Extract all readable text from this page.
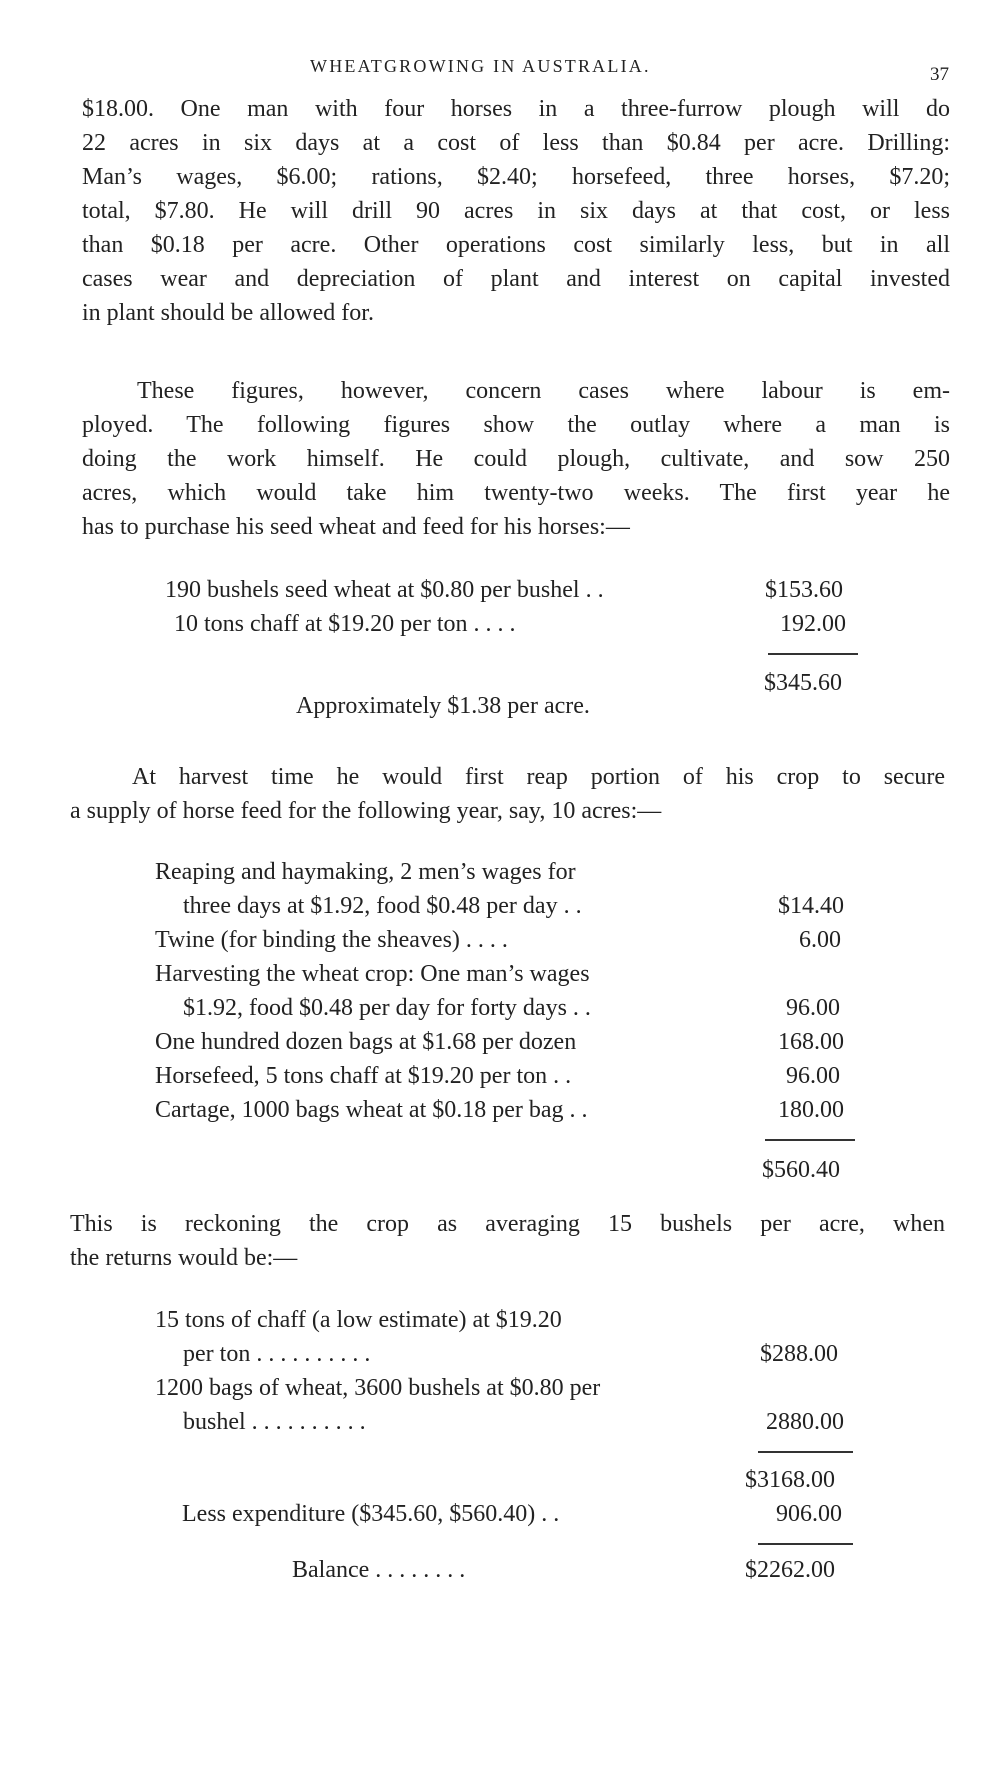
WHEATGROWING IN AUSTRALIA.	37
$18.00. One man with four horses in a three-furrow plough will do
22 acres in six days at a cost of less than $0.84 per acre. Drilling:
Man’s wages, $6.00; rations, $2.40; horsefeed, three horses, $7.20;
total, $7.80. He will drill 90 acres in six days at that cost, or less
than $0.18 per acre. Other operations cost similarly less, but in all
cases wear and depreciation of plant and interest on capital invested
in plant should be allowed for.
These figures, however, concern cases where labour is em-
ployed. The following figures show the outlay where a man is
doing the work himself. He could plough, cultivate, and sow 250
acres, which would take him twenty-two weeks. The first year he
has to purchase his seed wheat and feed for his horses:—
190 bushels seed wheat at $0.80 per bushel . .	$153.60
10 tons chaff at $19.20 per ton . . . .	192.00
$345.60
Approximately $1.38 per acre.
At harvest time he would first reap portion of his crop to secure
a supply of horse feed for the following year, say, 10 acres:—
Reaping and haymaking, 2 men’s wages for
three days at $1.92, food $0.48 per day . .	$14.40
Twine (for binding the sheaves) . . . .	6.00
Harvesting the wheat crop: One man’s wages
$1.92, food $0.48 per day for forty days . .	96.00
One hundred dozen bags at $1.68 per dozen	168.00
Horsefeed, 5 tons chaff at $19.20 per ton . .	96.00
Cartage, 1000 bags wheat at $0.18 per bag . .	180.00
$560.40
This is reckoning the crop as averaging 15 bushels per acre, when
the returns would be:—
15 tons of chaff (a low estimate) at $19.20
per ton . . . . . . . . . .	$288.00
1200 bags of wheat, 3600 bushels at $0.80 per
bushel . . . . . . . . . .	2880.00
$3168.00
Less expenditure ($345.60, $560.40) . .	906.00
Balance . . . . . . . .	$2262.00
